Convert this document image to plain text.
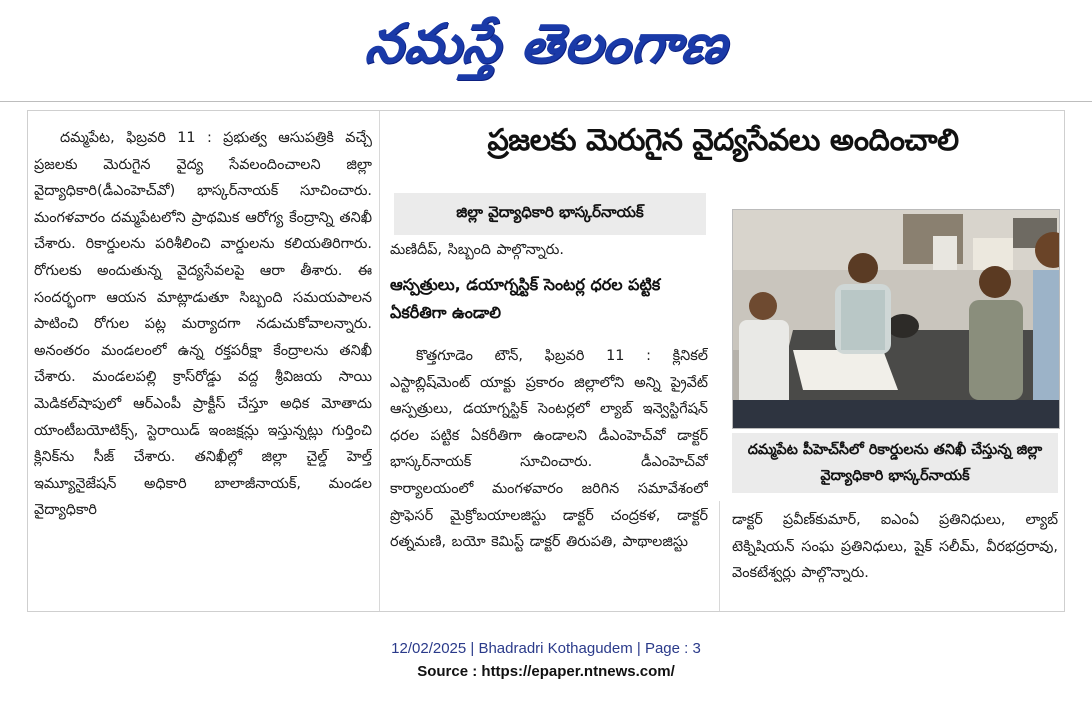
నమస్తే తెలంగాణ
దమ్మపేట, ఫిబ్రవరి 11 : ప్రభుత్వ ఆసుపత్రికి వచ్చే ప్రజలకు మెరుగైన వైద్య సేవలందించాలని జిల్లా వైద్యాధికారి(డీఎంహెచ్‌వో) భాస్కర్‌నాయక్ సూచించారు. మంగళవారం దమ్మపేటలోని ప్రాథమిక ఆరోగ్య కేంద్రాన్ని తనిఖీ చేశారు. రికార్డులను పరిశీలించి వార్డులను కలియతిరిగారు. రోగులకు అందుతున్న వైద్యసేవలపై ఆరా తీశారు. ఈ సందర్భంగా ఆయన మాట్లాడుతూ సిబ్బంది సమయపాలన పాటించి రోగుల పట్ల మర్యాదగా నడుచుకోవాలన్నారు. అనంతరం మండలంలో ఉన్న రక్తపరీక్షా కేంద్రాలను తనిఖీ చేశారు. మండలపల్లి క్రాస్‌రోడ్డు వద్ద శ్రీవిజయ సాయి మెడికల్‌షాపులో ఆర్‌ఎంపీ ప్రాక్టీస్ చేస్తూ అధిక మోతాదు యాంటీబయోటిక్స్, స్టెరాయిడ్ ఇంజక్షన్లు ఇస్తున్నట్లు గుర్తించి క్లినిక్‌ను సీజ్ చేశారు. తనిఖీల్లో జిల్లా చైల్డ్ హెల్త్ ఇమ్యూనైజేషన్ అధికారి బాలాజీనాయక్, మండల వైద్యాధికారి
ప్రజలకు మెరుగైన వైద్యసేవలు అందించాలి
జిల్లా వైద్యాధికారి భాస్కర్‌నాయక్
మణిదీప్, సిబ్బంది పాల్గొన్నారు.
ఆస్పత్రులు, డయాగ్నస్టిక్ సెంటర్ల ధరల పట్టిక ఏకరీతిగా ఉండాలి
కొత్తగూడెం టౌన్, ఫిబ్రవరి 11 : క్లినికల్ ఎస్టాబ్లిష్‌మెంట్ యాక్టు ప్రకారం జిల్లాలోని అన్ని ప్రైవేట్ ఆస్పత్రులు, డయాగ్నస్టిక్ సెంటర్లలో ల్యాబ్ ఇన్వెస్టిగేషన్ ధరల పట్టిక ఏకరీతిగా ఉండాలని డీఎంహెచ్‌వో డాక్టర్ భాస్కర్‌నాయక్ సూచించారు. డీఎంహెచ్‌వో కార్యాలయంలో మంగళవారం జరిగిన సమావేశంలో ప్రొఫెసర్ మైక్రోబయాలజిస్టు డాక్టర్ చంద్రకళ, డాక్టర్ రత్నమణి, బయో కెమిస్ట్ డాక్టర్ తిరుపతి, పాథాలజిస్టు
దమ్మపేట పీహెచ్‌సీలో రికార్డులను తనిఖీ చేస్తున్న జిల్లా వైద్యాధికారి భాస్కర్‌నాయక్
డాక్టర్ ప్రవీణ్‌కుమార్, ఐఎంఏ ప్రతినిధులు, ల్యాబ్ టెక్నిషియన్ సంఘ ప్రతినిధులు, షైక్ సలీమ్, వీరభద్రరావు, వెంకటేశ్వర్లు పాల్గొన్నారు.
12/02/2025 | Bhadradri Kothagudem | Page : 3
Source : https://epaper.ntnews.com/
